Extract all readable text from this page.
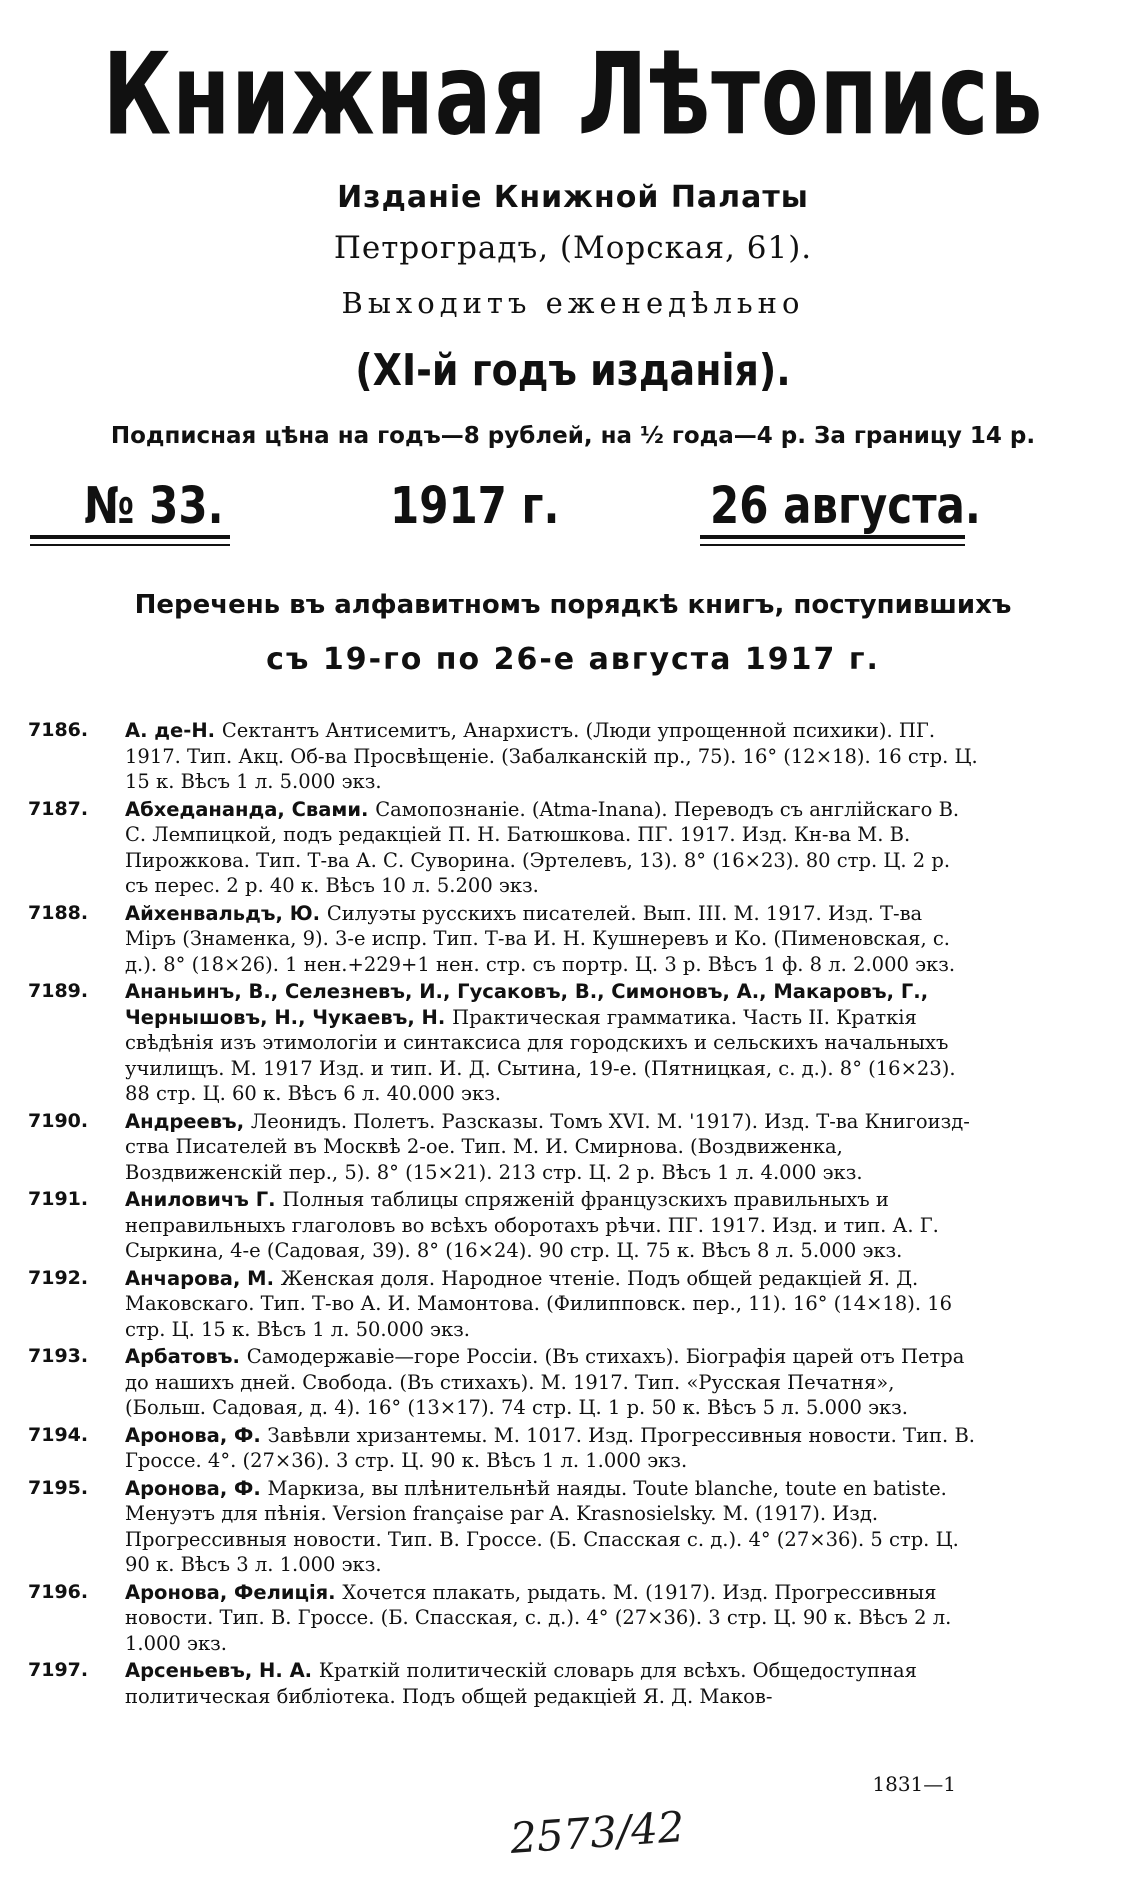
Книжная Лѣтопись
Изданіе Книжной Палаты
Петроградъ, (Морская, 61).
Выходитъ еженедѣльно
(XI-й годъ изданія).
Подписная цѣна на годъ—8 рублей, на ½ года—4 р. За границу 14 р.
№ 33.	1917 г.	26 августа.
Перечень въ алфавитномъ порядкѣ книгъ, поступившихъ
съ 19-го по 26-е августа 1917 г.
7186.	А. де-Н. Сектантъ Антисемитъ, Анархистъ. (Люди упрощенной психики). ПГ. 1917. Тип. Акц. Об-ва Просвѣщеніе. (Забалканскій пр., 75). 16° (12×18). 16 стр. Ц. 15 к. Вѣсъ 1 л. 5.000 экз.
7187.	Абхедананда, Свами. Самопознаніе. (Atma-Inana). Переводъ съ англійскаго В. С. Лемпицкой, подъ редакціей П. Н. Батюшкова. ПГ. 1917. Изд. Кн-ва М. В. Пирожкова. Тип. Т-ва А. С. Суворина. (Эртелевъ, 13). 8° (16×23). 80 стр. Ц. 2 р. съ перес. 2 р. 40 к. Вѣсъ 10 л. 5.200 экз.
7188.	Айхенвальдъ, Ю. Силуэты русскихъ писателей. Вып. III. М. 1917. Изд. Т-ва Міръ (Знаменка, 9). 3-е испр. Тип. Т-ва И. Н. Кушнеревъ и Ко. (Пименовская, с. д.). 8° (18×26). 1 нен.+229+1 нен. стр. съ портр. Ц. 3 р. Вѣсъ 1 ф. 8 л. 2.000 экз.
7189.	Ананьинъ, В., Селезневъ, И., Гусаковъ, В., Симоновъ, А., Макаровъ, Г., Чернышовъ, Н., Чукаевъ, Н. Практическая грамматика. Часть II. Краткія свѣдѣнія изъ этимологіи и синтаксиса для городскихъ и сельскихъ начальныхъ училищъ. М. 1917 Изд. и тип. И. Д. Сытина, 19-е. (Пятницкая, с. д.). 8° (16×23). 88 стр. Ц. 60 к. Вѣсъ 6 л. 40.000 экз.
7190.	Андреевъ, Леонидъ. Полетъ. Разсказы. Томъ XVI. М. '1917). Изд. Т-ва Книгоизд-ства Писателей въ Москвѣ 2-ое. Тип. М. И. Смирнова. (Воздвиженка, Воздвиженскій пер., 5). 8° (15×21). 213 стр. Ц. 2 р. Вѣсъ 1 л. 4.000 экз.
7191.	Аниловичъ Г. Полныя таблицы спряженій французскихъ правильныхъ и неправильныхъ глаголовъ во всѣхъ оборотахъ рѣчи. ПГ. 1917. Изд. и тип. А. Г. Сыркина, 4-е (Садовая, 39). 8° (16×24). 90 стр. Ц. 75 к. Вѣсъ 8 л. 5.000 экз.
7192.	Анчарова, М. Женская доля. Народное чтеніе. Подъ общей редакціей Я. Д. Маковскаго. Тип. Т-во А. И. Мамонтова. (Филипповск. пер., 11). 16° (14×18). 16 стр. Ц. 15 к. Вѣсъ 1 л. 50.000 экз.
7193.	Арбатовъ. Самодержавіе—горе Россіи. (Въ стихахъ). Біографія царей отъ Петра до нашихъ дней. Свобода. (Въ стихахъ). М. 1917. Тип. «Русская Печатня», (Больш. Садовая, д. 4). 16° (13×17). 74 стр. Ц. 1 р. 50 к. Вѣсъ 5 л. 5.000 экз.
7194.	Аронова, Ф. Завѣвли хризантемы. М. 1017. Изд. Прогрессивныя новости. Тип. В. Гроссе. 4°. (27×36). 3 стр. Ц. 90 к. Вѣсъ 1 л. 1.000 экз.
7195.	Аронова, Ф. Маркиза, вы плѣнительнѣй наяды. Toute blanche, toute en batiste. Менуэтъ для пѣнія. Version française par A. Krasnosielsky. M. (1917). Изд. Прогрессивныя новости. Тип. В. Гроссе. (Б. Спасская с. д.). 4° (27×36). 5 стр. Ц. 90 к. Вѣсъ 3 л. 1.000 экз.
7196.	Аронова, Фелиція. Хочется плакать, рыдать. М. (1917). Изд. Прогрессивныя новости. Тип. В. Гроссе. (Б. Спасская, с. д.). 4° (27×36). 3 стр. Ц. 90 к. Вѣсъ 2 л. 1.000 экз.
7197.	Арсеньевъ, Н. А. Краткій политическій словарь для всѣхъ. Общедоступная политическая библіотека. Подъ общей редакціей Я. Д. Маков-
1831—1
2573/42
